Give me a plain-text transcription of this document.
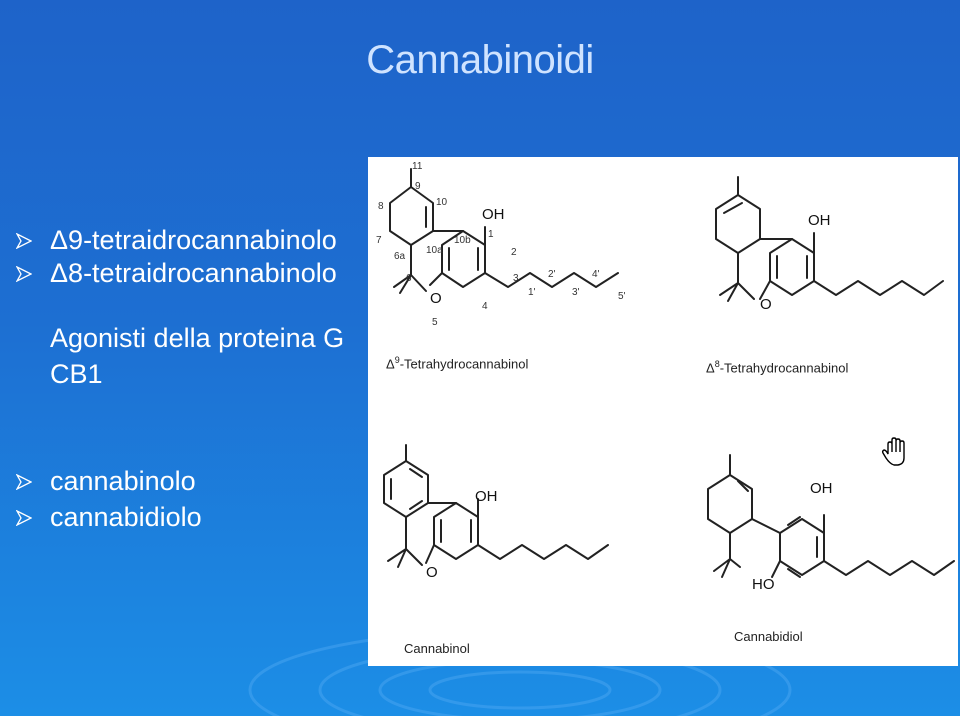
Cannabinoidi
Δ9-tetraidrocannabinolo
Δ8-tetraidrocannabinolo
Agonisti della proteina G
CB1
cannabinolo
cannabidiolo
OH
O
OH
O
OH
O
OH
HO
11
9
8	10
10b
1
7
10a	2
6a
6	3	2'	4'
1'	3'	5'
4
5
$\Delta^9$-Tetrahydrocannabinol	$\Delta^8$-Tetrahydrocannabinol
Cannabinol
Cannabidiol
